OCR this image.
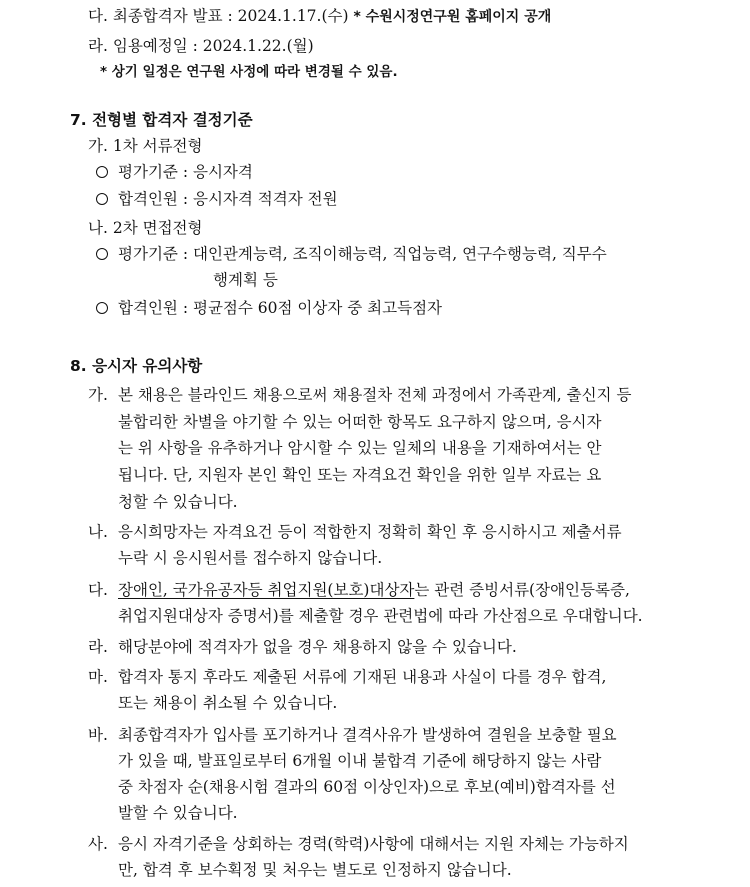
다. 최종합격자 발표 : 2024.1.17.(수) * 수원시정연구원 홈페이지 공개
라. 임용예정일 : 2024.1.22.(월)
* 상기 일정은 연구원 사정에 따라 변경될 수 있음.
7. 전형별 합격자 결정기준
가. 1차 서류전형
평가기준 : 응시자격
합격인원 : 응시자격 적격자 전원
나. 2차 면접전형
평가기준 : 대인관계능력, 조직이해능력, 직업능력, 연구수행능력, 직무수
행계획 등
합격인원 : 평균점수 60점 이상자 중 최고득점자
8. 응시자 유의사항
가. 본 채용은 블라인드 채용으로써 채용절차 전체 과정에서 가족관계, 출신지 등
불합리한 차별을 야기할 수 있는 어떠한 항목도 요구하지 않으며, 응시자
는 위 사항을 유추하거나 암시할 수 있는 일체의 내용을 기재하여서는 안
됩니다. 단, 지원자 본인 확인 또는 자격요건 확인을 위한 일부 자료는 요
청할 수 있습니다.
나. 응시희망자는 자격요건 등이 적합한지 정확히 확인 후 응시하시고 제출서류
누락 시 응시원서를 접수하지 않습니다.
다. 장애인, 국가유공자등 취업지원(보호)대상자는 관련 증빙서류(장애인등록증,
취업지원대상자 증명서)를 제출할 경우 관련법에 따라 가산점으로 우대합니다.
라. 해당분야에 적격자가 없을 경우 채용하지 않을 수 있습니다.
마. 합격자 통지 후라도 제출된 서류에 기재된 내용과 사실이 다를 경우 합격,
또는 채용이 취소될 수 있습니다.
바. 최종합격자가 입사를 포기하거나 결격사유가 발생하여 결원을 보충할 필요
가 있을 때, 발표일로부터 6개월 이내 불합격 기준에 해당하지 않는 사람
중 차점자 순(채용시험 결과의 60점 이상인자)으로 후보(예비)합격자를 선
발할 수 있습니다.
사. 응시 자격기준을 상회하는 경력(학력)사항에 대해서는 지원 자체는 가능하지
만, 합격 후 보수획정 및 처우는 별도로 인정하지 않습니다.
